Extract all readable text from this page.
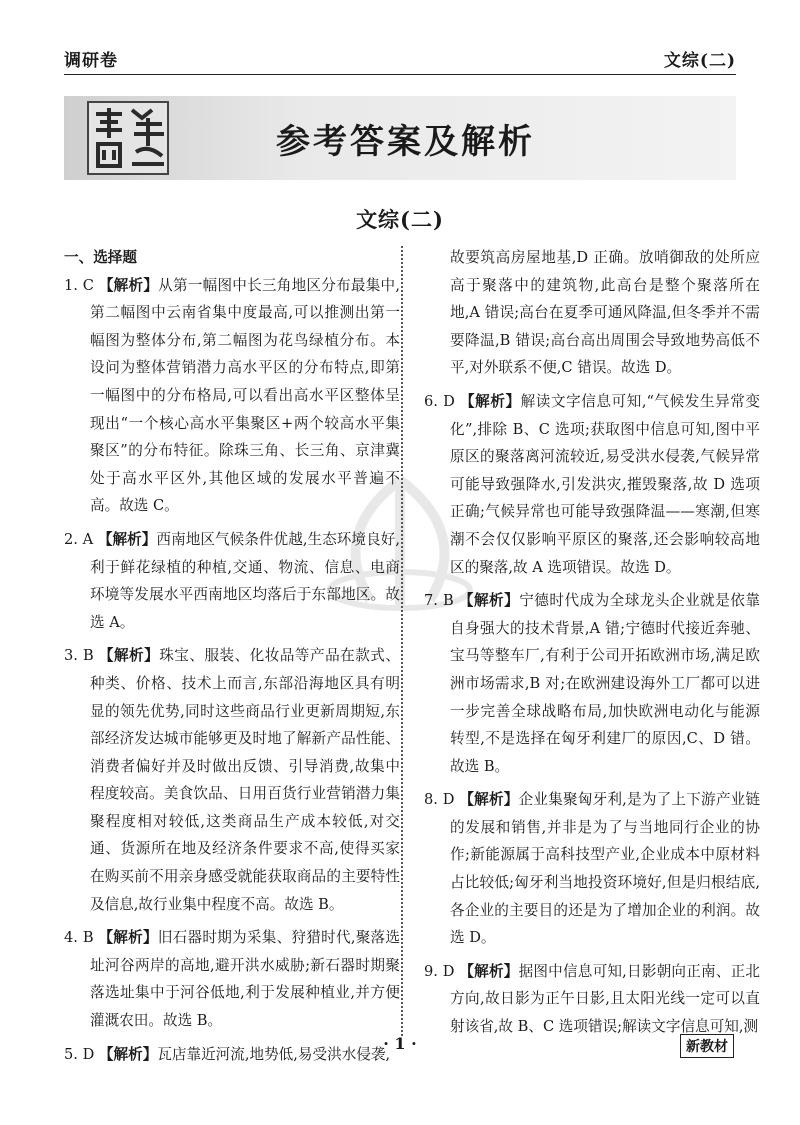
调研卷	文综(二)
参考答案及解析
文综(二)

一、选择题

1. C 【解析】从第一幅图中长三角地区分布最集中,第二幅图中云南省集中度最高,可以推测出第一幅图为整体分布,第二幅图为花鸟绿植分布。本设问为整体营销潜力高水平区的分布特点,即第一幅图中的分布格局,可以看出高水平区整体呈现出“一个核心高水平集聚区+两个较高水平集聚区”的分布特征。除珠三角、长三角、京津冀处于高水平区外,其他区域的发展水平普遍不高。故选 C。
2. A 【解析】西南地区气候条件优越,生态环境良好,利于鲜花绿植的种植,交通、物流、信息、电商环境等发展水平西南地区均落后于东部地区。故选 A。
3. B 【解析】珠宝、服装、化妆品等产品在款式、种类、价格、技术上而言,东部沿海地区具有明显的领先优势,同时这些商品行业更新周期短,东部经济发达城市能够更及时地了解新产品性能、消费者偏好并及时做出反馈、引导消费,故集中程度较高。美食饮品、日用百货行业营销潜力集聚程度相对较低,这类商品生产成本较低,对交通、货源所在地及经济条件要求不高,使得买家在购买前不用亲身感受就能获取商品的主要特性及信息,故行业集中程度不高。故选 B。
4. B 【解析】旧石器时期为采集、狩猎时代,聚落选址河谷两岸的高地,避开洪水威胁;新石器时期聚落选址集中于河谷低地,利于发展种植业,并方便灌溉农田。故选 B。
5. D 【解析】瓦店靠近河流,地势低,易受洪水侵袭,
故要筑高房屋地基,D 正确。放哨御敌的处所应高于聚落中的建筑物,此高台是整个聚落所在地,A 错误;高台在夏季可通风降温,但冬季并不需要降温,B 错误;高台高出周围会导致地势高低不平,对外联系不便,C 错误。故选 D。
6. D 【解析】解读文字信息可知,“气候发生异常变化”,排除 B、C 选项;获取图中信息可知,图中平原区的聚落离河流较近,易受洪水侵袭,气候异常可能导致强降水,引发洪灾,摧毁聚落,故 D 选项正确;气候异常也可能导致强降温——寒潮,但寒潮不会仅仅影响平原区的聚落,还会影响较高地区的聚落,故 A 选项错误。故选 D。
7. B 【解析】宁德时代成为全球龙头企业就是依靠自身强大的技术背景,A 错;宁德时代接近奔驰、宝马等整车厂,有利于公司开拓欧洲市场,满足欧洲市场需求,B 对;在欧洲建设海外工厂都可以进一步完善全球战略布局,加快欧洲电动化与能源转型,不是选择在匈牙利建厂的原因,C、D 错。故选 B。
8. D 【解析】企业集聚匈牙利,是为了上下游产业链的发展和销售,并非是为了与当地同行企业的协作;新能源属于高科技型产业,企业成本中原材料占比较低;匈牙利当地投资环境好,但是归根结底,各企业的主要目的还是为了增加企业的利润。故选 D。
9. D 【解析】据图中信息可知,日影朝向正南、正北方向,故日影为正午日影,且太阳光线一定可以直射该省,故 B、C 选项错误;解读文字信息可知,测
· 1 ·	新教材
